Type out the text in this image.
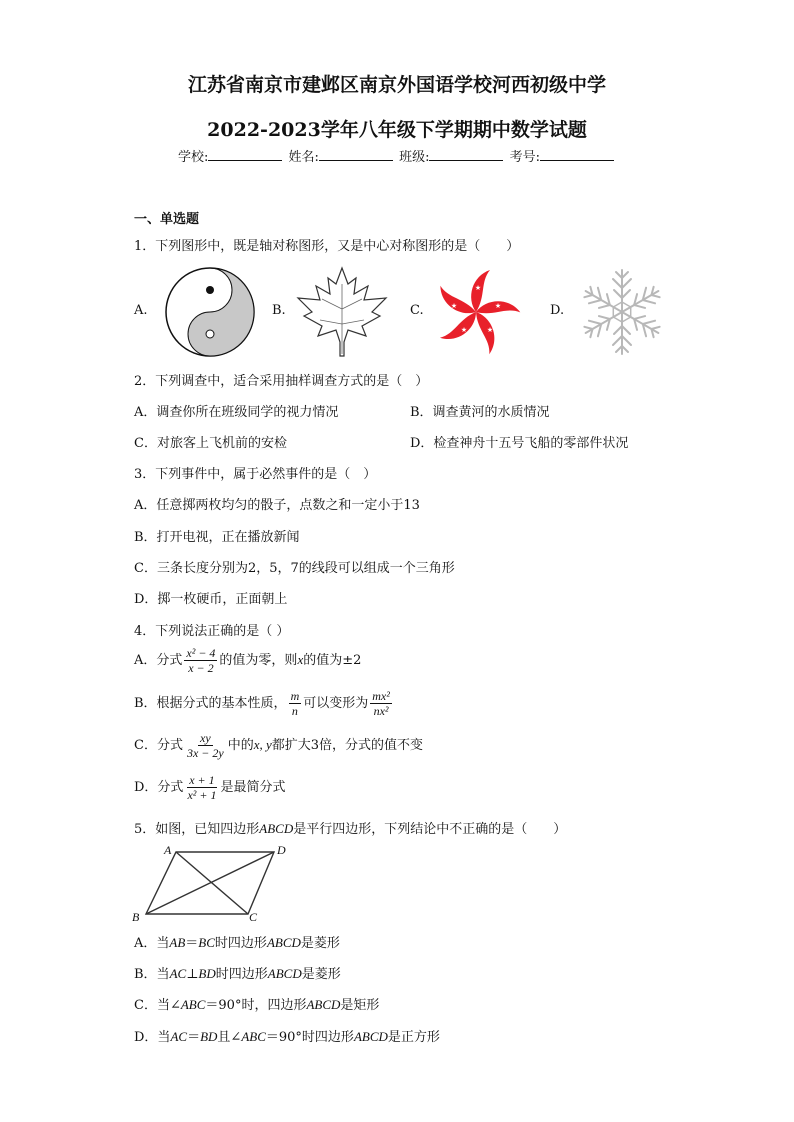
江苏省南京市建邺区南京外国语学校河西初级中学
2022-2023学年八年级下学期期中数学试题
学校:	姓名:	班级:	考号:
一、单选题
1．下列图形中，既是轴对称图形，又是中心对称图形的是（　　）
A.	B.	C.
★
★
★
★
★	D.
2．下列调查中，适合采用抽样调查方式的是（　）
A．调查你所在班级同学的视力情况	B．调查黄河的水质情况
C．对旅客上飞机前的安检	D．检查神舟十五号飞船的零部件状况
3．下列事件中，属于必然事件的是（　）
A．任意掷两枚均匀的骰子，点数之和一定小于13
B．打开电视，正在播放新闻
C．三条长度分别为2，5，7的线段可以组成一个三角形
D．掷一枚硬币，正面朝上
4．下列说法正确的是（ ）
A．分式 $\frac{\text{x² − 4}}{x - 2}$ 的值为零，则x的值为±2
B．根据分式的基本性质， $\frac{m}{n}$ 可以变形为 $\frac{\text{mx²}}{\text{nx²}}$
C．分式 $\frac{xy}{3x - 2y}$ 中的x, y都扩大3倍，分式的值不变
D．分式 $\frac{x + 1}{\text{x² + 1}}$ 是最简分式
5．如图，已知四边形ABCD是平行四边形，下列结论中不正确的是（　　）
A	D
B	C
A．当AB＝BC时四边形ABCD是菱形
B．当AC⊥BD时四边形ABCD是菱形
C．当∠ABC＝90°时，四边形ABCD是矩形
D．当AC＝BD且∠ABC＝90°时四边形ABCD是正方形
